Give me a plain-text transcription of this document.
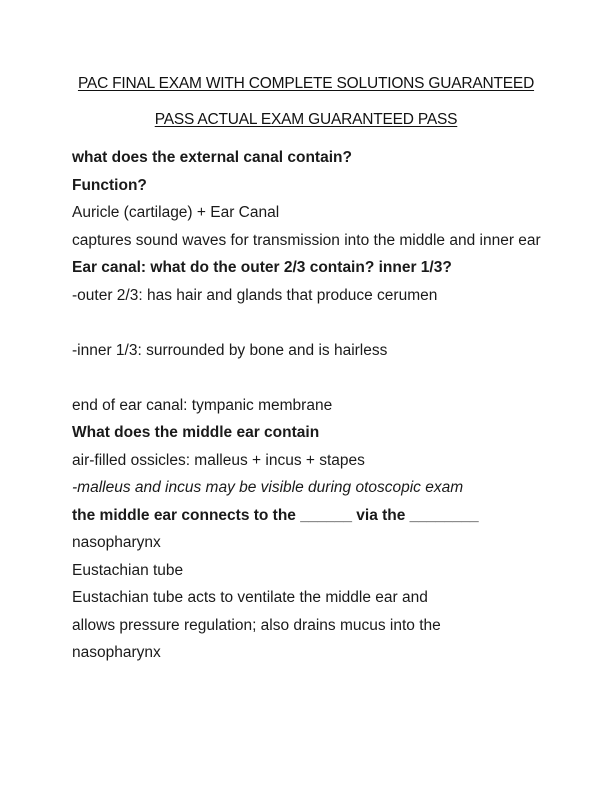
PAC FINAL EXAM WITH COMPLETE SOLUTIONS GUARANTEED
PASS ACTUAL EXAM GUARANTEED PASS
what does the external canal contain?
Function?
Auricle (cartilage) + Ear Canal
captures sound waves for transmission into the middle and inner ear
Ear canal: what do the outer 2/3 contain? inner 1/3?
-outer 2/3: has hair and glands that produce cerumen
-inner 1/3: surrounded by bone and is hairless
end of ear canal: tympanic membrane
What does the middle ear contain
air-filled ossicles: malleus + incus + stapes
-malleus and incus may be visible during otoscopic exam
the middle ear connects to the ______ via the ________
nasopharynx
Eustachian tube
Eustachian tube acts to ventilate the middle ear and
allows pressure regulation; also drains mucus into the
nasopharynx
